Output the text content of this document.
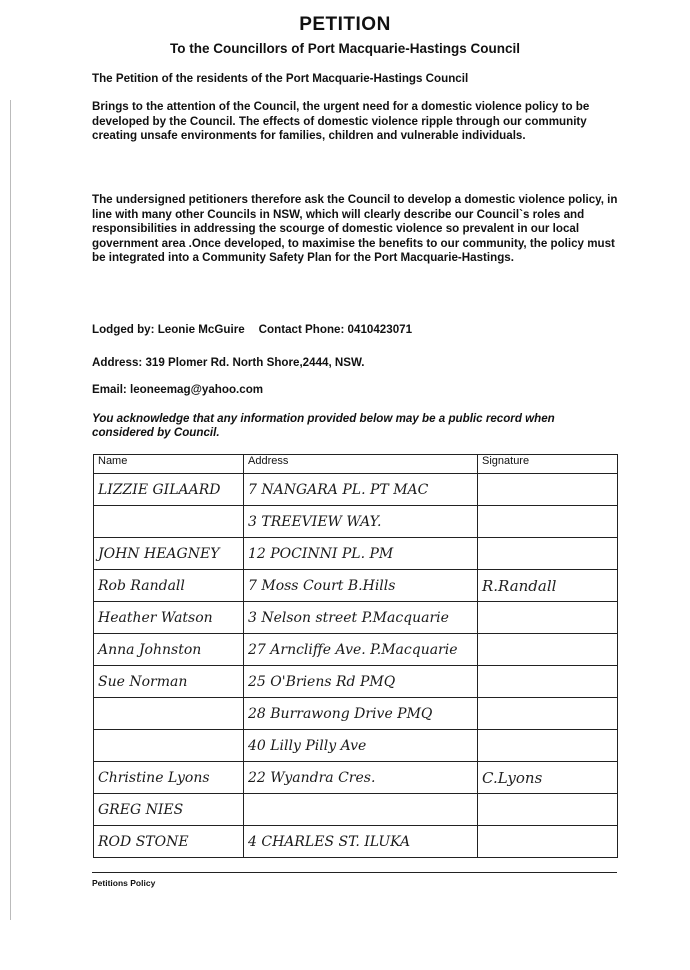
PETITION
To the Councillors of Port Macquarie-Hastings Council
The Petition of the residents of the Port Macquarie-Hastings Council
Brings to the attention of the Council, the urgent need for a domestic violence policy to be developed by the Council. The effects of domestic violence ripple through our community creating unsafe environments for families, children and vulnerable individuals.
The undersigned petitioners therefore ask the Council to develop a domestic violence policy, in line with many other Councils in NSW, which will clearly describe our Council`s roles and responsibilities in addressing the scourge of domestic violence so prevalent in our local government area .Once developed, to maximise the benefits to our community, the policy must be integrated into a Community Safety Plan for the Port Macquarie-Hastings.
Lodged by: Leonie McGuire Contact Phone: 0410423071
Address: 319 Plomer Rd. North Shore,2444, NSW.
Email: leoneemag@yahoo.com
You acknowledge that any information provided below may be a public record when considered by Council.
Name	Address	Signature
LIZZIE GILAARD	7 NANGARA PL. PT MAC	
	3 TREEVIEW WAY.	
JOHN HEAGNEY	12 POCINNI PL. PM	
Rob Randall	7 Moss Court B.Hills	R.Randall
Heather Watson	3 Nelson street P.Macquarie	
Anna Johnston	27 Arncliffe Ave. P.Macquarie	
Sue Norman	25 O'Briens Rd PMQ	
	28 Burrawong Drive PMQ	
	40 Lilly Pilly Ave	
Christine Lyons	22 Wyandra Cres.	C.Lyons
GREG NIES		
ROD STONE	4 CHARLES ST. ILUKA	
Petitions Policy
